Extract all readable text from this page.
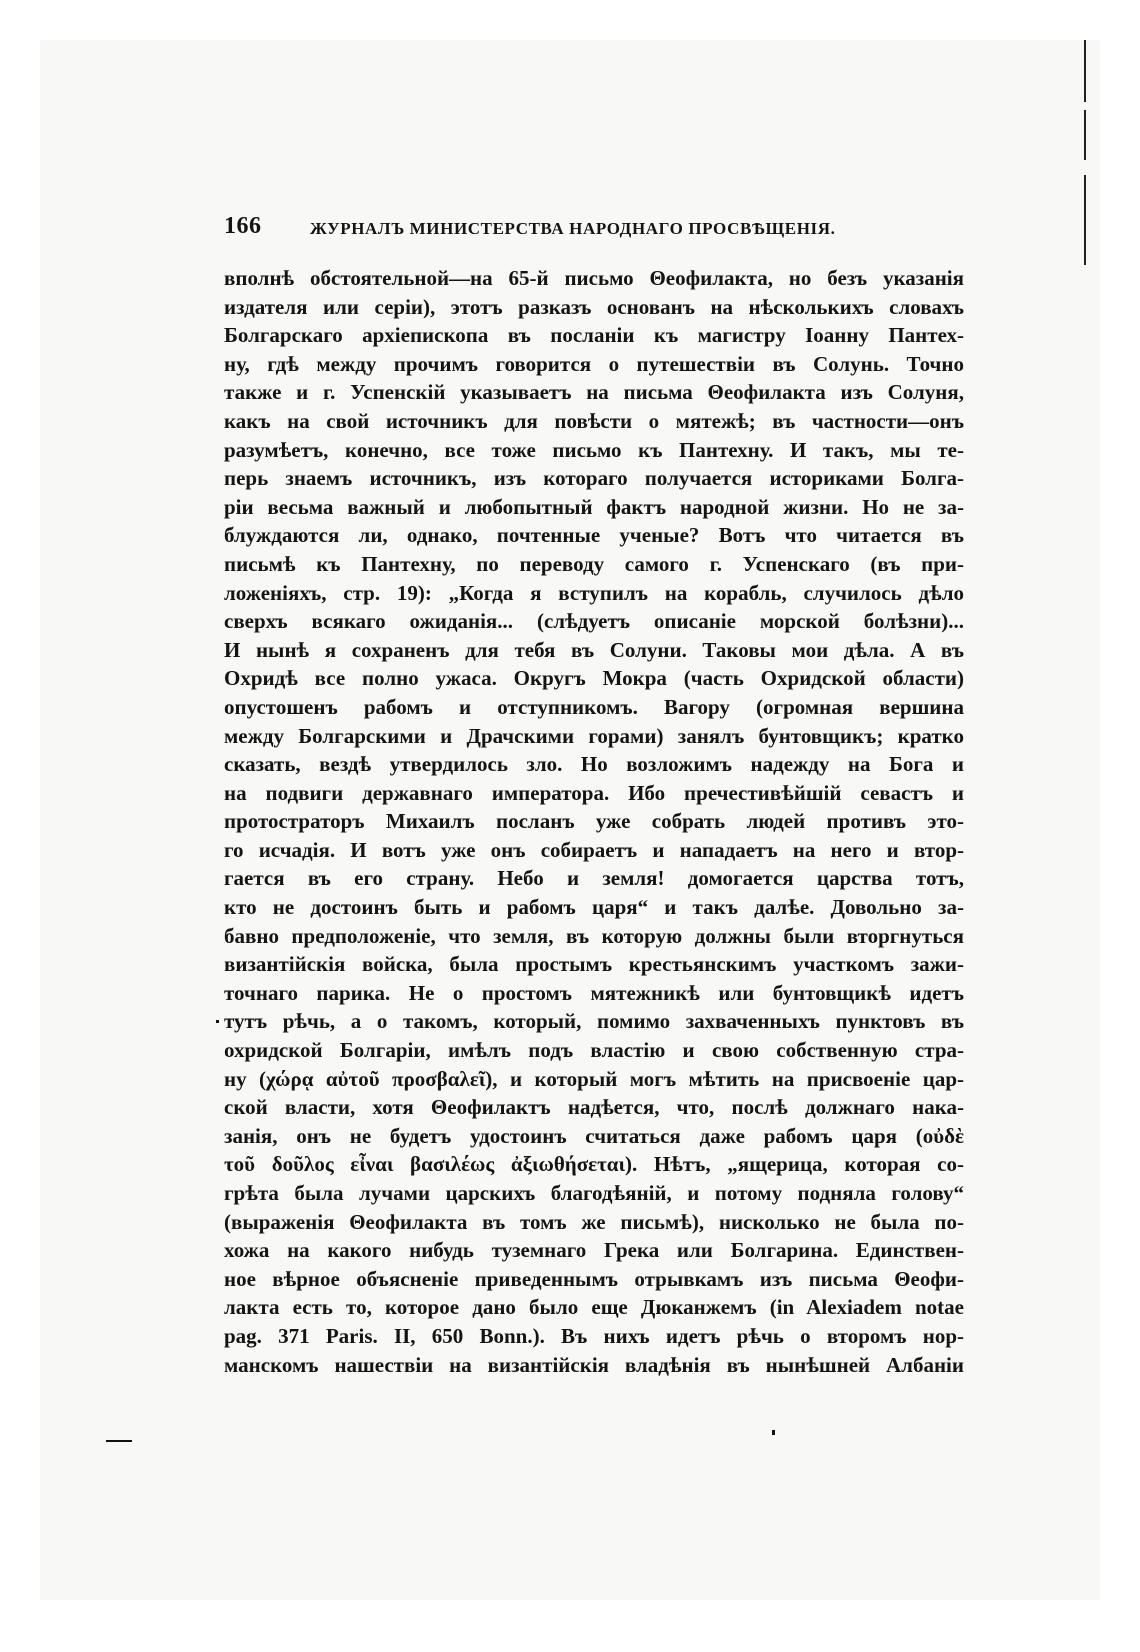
166	ЖУРНАЛЪ МИНИСТЕРСТВА НАРОДНАГО ПРОСВѢЩЕНІЯ.
вполнѣ обстоятельной—на 65-й письмо Θеофилакта, но безъ указанія
издателя или серіи), этотъ разказъ основанъ на нѣсколькихъ словахъ
Болгарскаго архіепископа въ посланіи къ магистру Іоанну Пантех-
ну, гдѣ между прочимъ говорится о путешествіи въ Солунь. Точно
также и г. Успенскій указываетъ на письма Θеофилакта изъ Солуня,
какъ на свой источникъ для повѣсти о мятежѣ; въ частности—онъ
разумѣетъ, конечно, все тоже письмо къ Пантехну. И такъ, мы те-
перь знаемъ источникъ, изъ котораго получается историками Болга-
ріи весьма важный и любопытный фактъ народной жизни. Но не за-
блуждаются ли, однако, почтенные ученые? Вотъ что читается въ
письмѣ къ Пантехну, по переводу самого г. Успенскаго (въ при-
ложеніяхъ, стр. 19): „Когда я вступилъ на корабль, случилось дѣло
сверхъ всякаго ожиданія... (слѣдуетъ описаніе морской болѣзни)...
И нынѣ я сохраненъ для тебя въ Солуни. Таковы мои дѣла. А въ
Охридѣ все полно ужаса. Округъ Мокра (часть Охридской области)
опустошенъ рабомъ и отступникомъ. Вагору (огромная вершина
между Болгарскими и Драчскими горами) занялъ бунтовщикъ; кратко
сказать, вездѣ утвердилось зло. Но возложимъ надежду на Бога и
на подвиги державнаго императора. Ибо пречестивѣйшій севастъ и
протостраторъ Михаилъ посланъ уже собрать людей противъ это-
го исчадія. И вотъ уже онъ собираетъ и нападаетъ на него и втор-
гается въ его страну. Небо и земля! домогается царства тотъ,
кто не достоинъ быть и рабомъ царя“ и такъ далѣе. Довольно за-
бавно предположеніе, что земля, въ которую должны были вторгнуться
византійскія войска, была простымъ крестьянскимъ участкомъ зажи-
точнаго парика. Не о простомъ мятежникѣ или бунтовщикѣ идетъ
тутъ рѣчь, а о такомъ, который, помимо захваченныхъ пунктовъ въ
охридской Болгаріи, имѣлъ подъ властію и свою собственную стра-
ну (χώρᾳ αὐτοῦ προσβαλεῖ), и который могъ мѣтить на присвоеніе цар-
ской власти, хотя Θеофилактъ надѣется, что, послѣ должнаго нака-
занія, онъ не будетъ удостоинъ считаться даже рабомъ царя (οὐδὲ
τοῦ δοῦλος εἶναι βασιλέως ἀξιωθήσεται). Нѣтъ, „ящерица, которая со-
грѣта была лучами царскихъ благодѣяній, и потому подняла голову“
(выраженія Θеофилакта въ томъ же письмѣ), нисколько не была по-
хожа на какого нибудь туземнаго Грека или Болгарина. Единствен-
ное вѣрное объясненіе приведеннымъ отрывкамъ изъ письма Θеофи-
лакта есть то, которое дано было еще Дюканжемъ (in Alexiadem notae
pag. 371 Paris. II, 650 Bonn.). Въ нихъ идетъ рѣчь о второмъ нор-
манскомъ нашествіи на византійскія владѣнія въ нынѣшней Албаніи
